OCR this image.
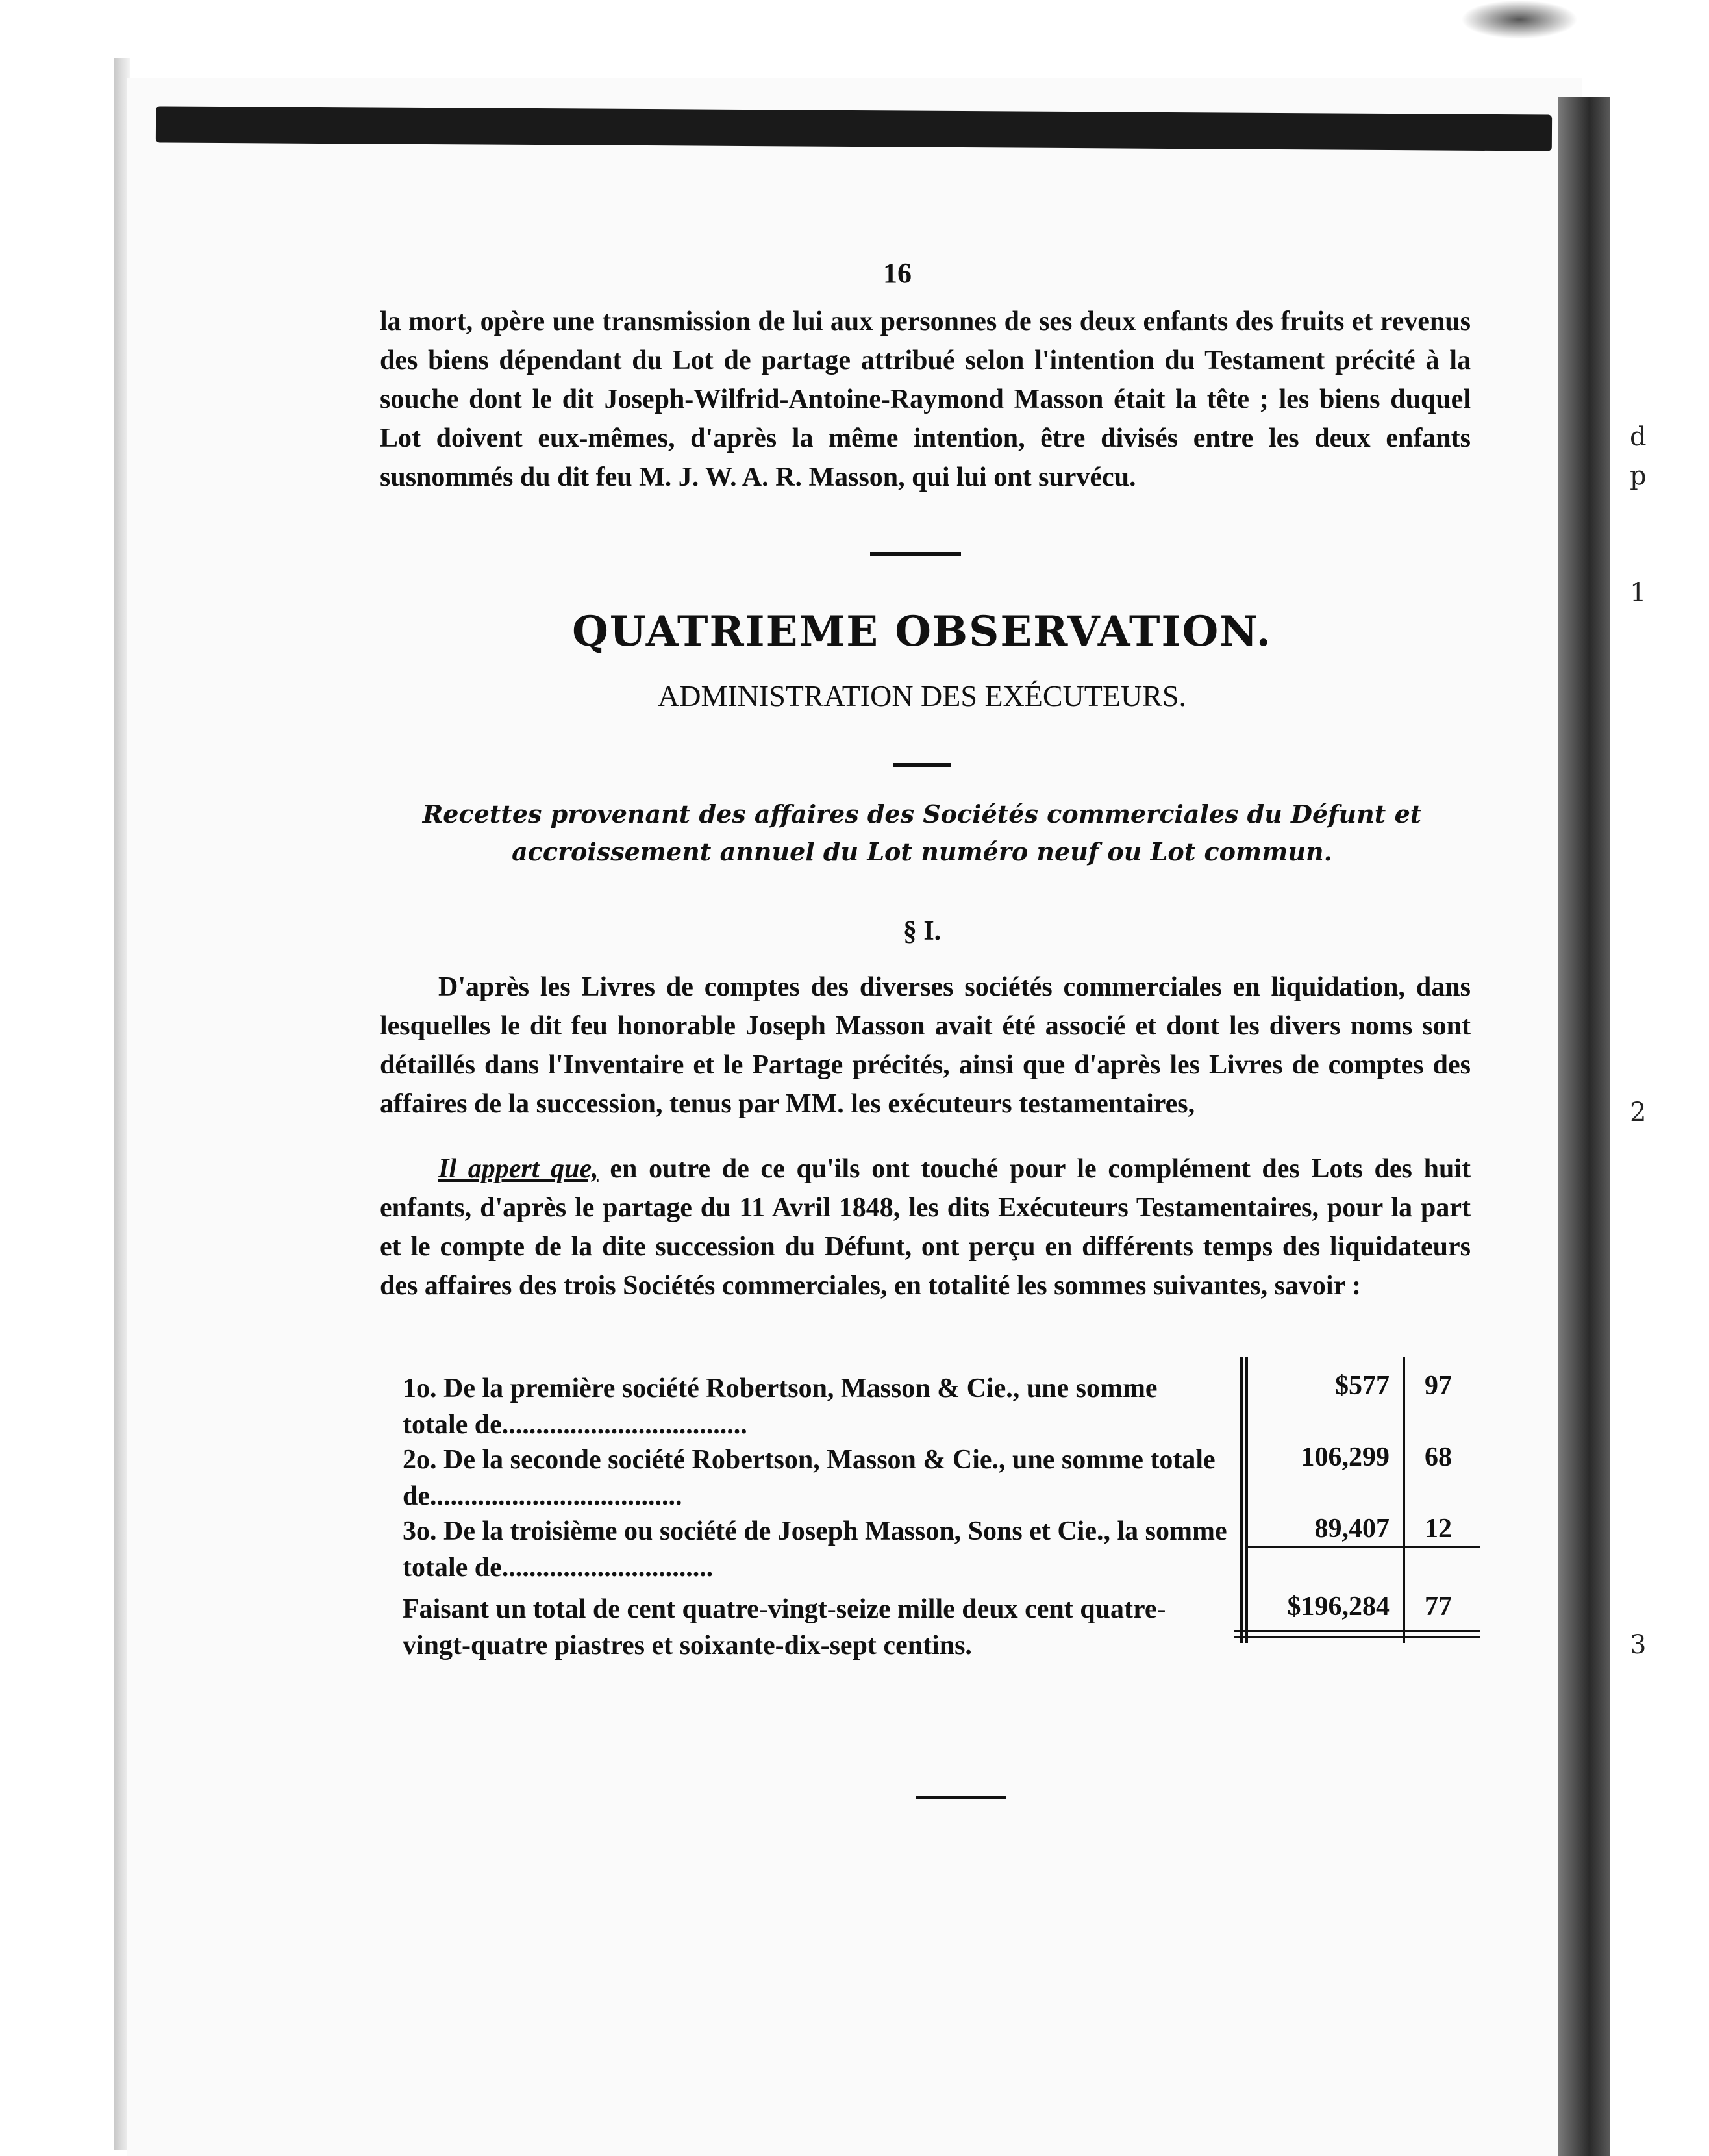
d
p
1
2
3
16
la mort, opère une transmission de lui aux personnes de ses deux enfants des fruits et revenus des biens dépendant du Lot de partage attribué selon l'intention du Testament précité à la souche dont le dit Joseph-Wilfrid-Antoine-Raymond Masson était la tête ; les biens duquel Lot doivent eux-mêmes, d'après la même intention, être divisés entre les deux enfants susnommés du dit feu M. J. W. A. R. Masson, qui lui ont survécu.
QUATRIEME OBSERVATION.
ADMINISTRATION DES EXÉCUTEURS.
Recettes provenant des affaires des Sociétés commerciales du Défunt et accroissement annuel du Lot numéro neuf ou Lot commun.
§ I.
D'après les Livres de comptes des diverses sociétés commerciales en liquidation, dans lesquelles le dit feu honorable Joseph Masson avait été associé et dont les divers noms sont détaillés dans l'Inventaire et le Partage précités, ainsi que d'après les Livres de comptes des affaires de la succession, tenus par MM. les exécuteurs testamentaires,
Il appert que, en outre de ce qu'ils ont touché pour le complément des Lots des huit enfants, d'après le partage du 11 Avril 1848, les dits Exécuteurs Testamentaires, pour la part et le compte de la dite succession du Défunt, ont perçu en différents temps des liquidateurs des affaires des trois Sociétés commerciales, en totalité les sommes suivantes, savoir :
1o. De la première société Robertson, Masson & Cie., une somme totale de....................................
$577	97
2o. De la seconde société Robertson, Masson & Cie., une somme totale de.....................................
106,299	68
3o. De la troisième ou société de Joseph Masson, Sons et Cie., la somme totale de...............................
89,407	12
Faisant un total de cent quatre-vingt-seize mille deux cent quatre-vingt-quatre piastres et soixante-dix-sept centins.
$196,284	77
